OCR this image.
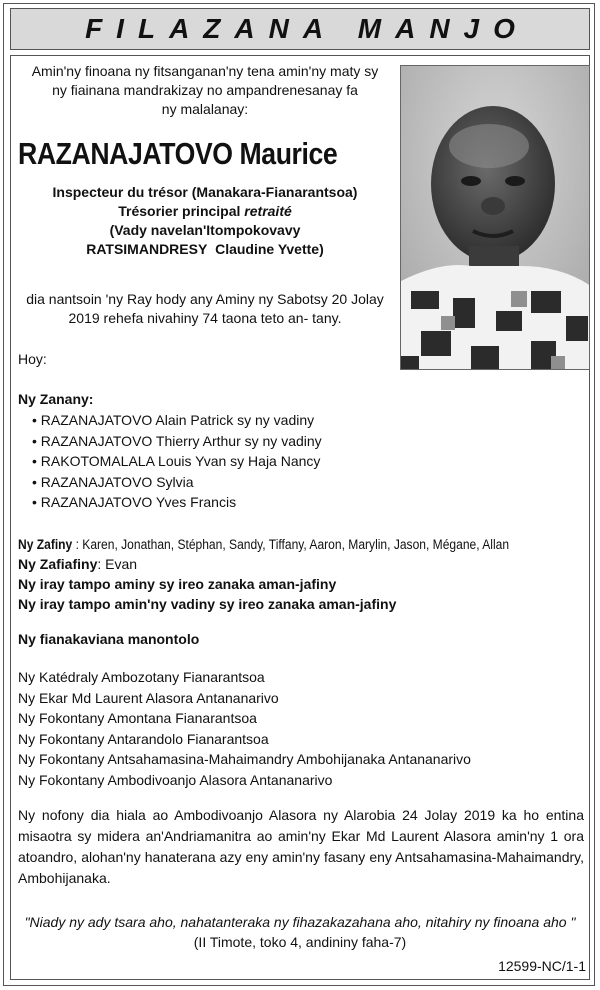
FILAZANA MANJO
Amin'ny finoana ny fitsanganan'ny tena amin'ny maty sy
ny fiainana mandrakizay no ampandrenesanay fa
ny malalanay:
RAZANAJATOVO Maurice
Inspecteur du trésor (Manakara-Fianarantsoa)
Trésorier principal retraité
(Vady navelan'Itompokovavy
RATSIMANDRESY Claudine Yvette)
dia nantsoin 'ny Ray hody any Aminy ny Sabotsy 20 Jolay
2019 rehefa nivahiny 74 taona teto an- tany.
Hoy:
Ny Zanany:
• RAZANAJATOVO Alain Patrick sy ny vadiny
• RAZANAJATOVO Thierry Arthur sy ny vadiny
• RAKOTOMALALA Louis Yvan sy Haja Nancy
• RAZANAJATOVO Sylvia
• RAZANAJATOVO Yves Francis
Ny Zafiny : Karen, Jonathan, Stéphan, Sandy, Tiffany, Aaron, Marylin, Jason, Mégane, Allan
Ny Zafiafiny: Evan
Ny iray tampo aminy sy ireo zanaka aman-jafiny
Ny iray tampo amin'ny vadiny sy ireo zanaka aman-jafiny
Ny fianakaviana manontolo
Ny Katédraly Ambozotany Fianarantsoa
Ny Ekar Md Laurent Alasora Antananarivo
Ny Fokontany Amontana Fianarantsoa
Ny Fokontany Antarandolo Fianarantsoa
Ny Fokontany Antsahamasina-Mahaimandry Ambohijanaka Antananarivo
Ny Fokontany Ambodivoanjo Alasora Antananarivo
Ny nofony dia hiala ao Ambodivoanjo Alasora ny Alarobia 24 Jolay 2019 ka ho entina misaotra sy midera an'Andriamanitra ao amin'ny Ekar Md Laurent Alasora amin'ny 1 ora atoandro, alohan'ny hanaterana azy eny amin'ny fasany eny Antsahamasina-Mahaimandry, Ambohijanaka.
"Niady ny ady tsara aho, nahatanteraka ny fihazakazahana aho, nitahiry ny finoana aho "
(II Timote, toko 4, andininy faha-7)
12599-NC/1-1
